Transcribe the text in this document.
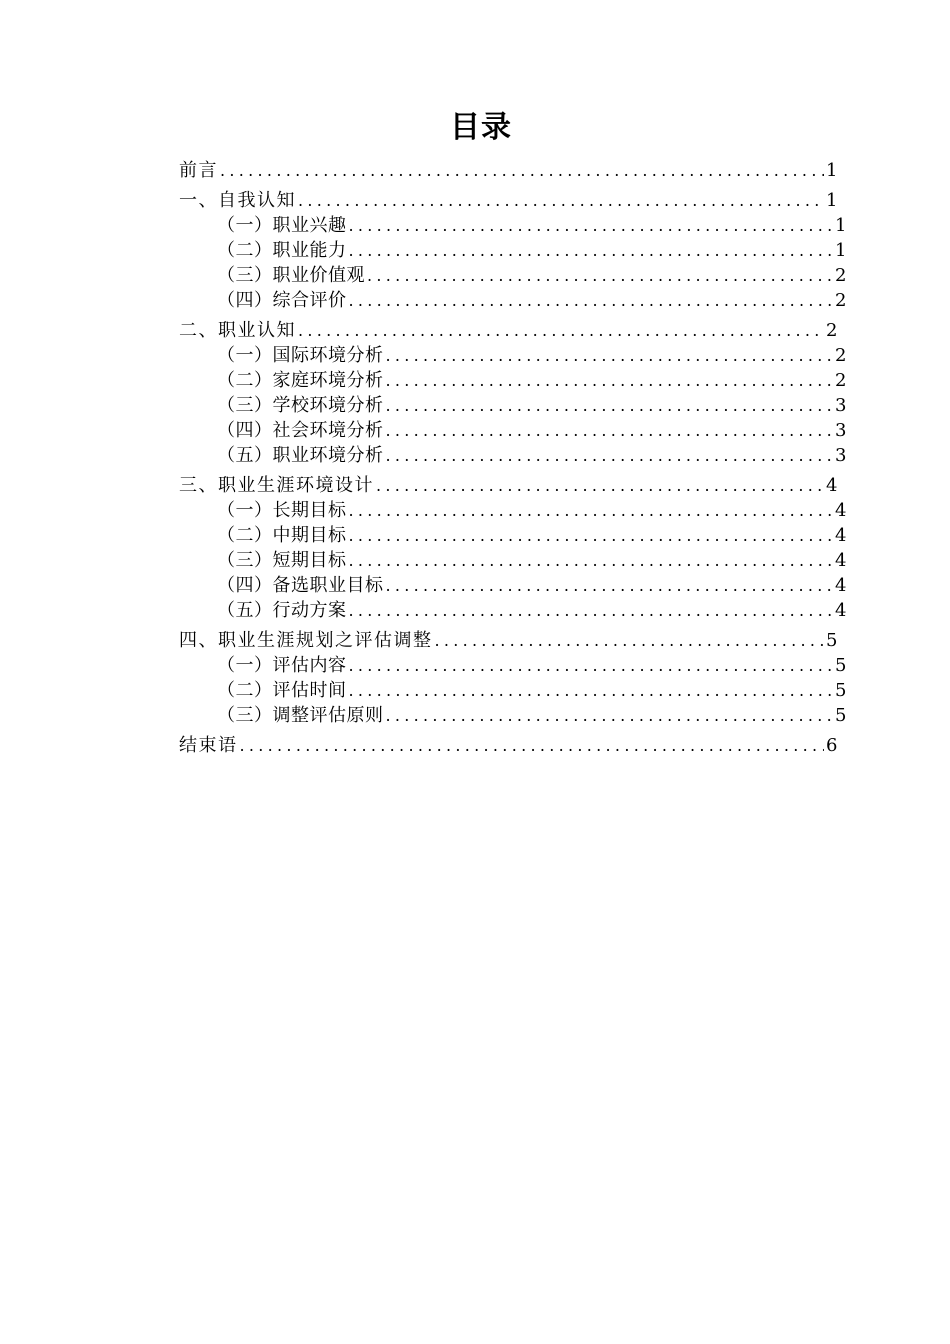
目录
前言 .....	1
一、自我认知 .....	1
（一）职业兴趣 .....	1
（二）职业能力 .....	1
（三）职业价值观 .....	2
（四）综合评价 .....	2
二、职业认知 .....	2
（一）国际环境分析 .....	2
（二）家庭环境分析 .....	2
（三）学校环境分析 .....	3
（四）社会环境分析 .....	3
（五）职业环境分析 .....	3
三、职业生涯环境设计 .....	4
（一）长期目标 .....	4
（二）中期目标 .....	4
（三）短期目标 .....	4
（四）备选职业目标 .....	4
（五）行动方案 .....	4
四、职业生涯规划之评估调整 .....	5
（一）评估内容 .....	5
（二）评估时间 .....	5
（三）调整评估原则 .....	5
结束语 .....	6
